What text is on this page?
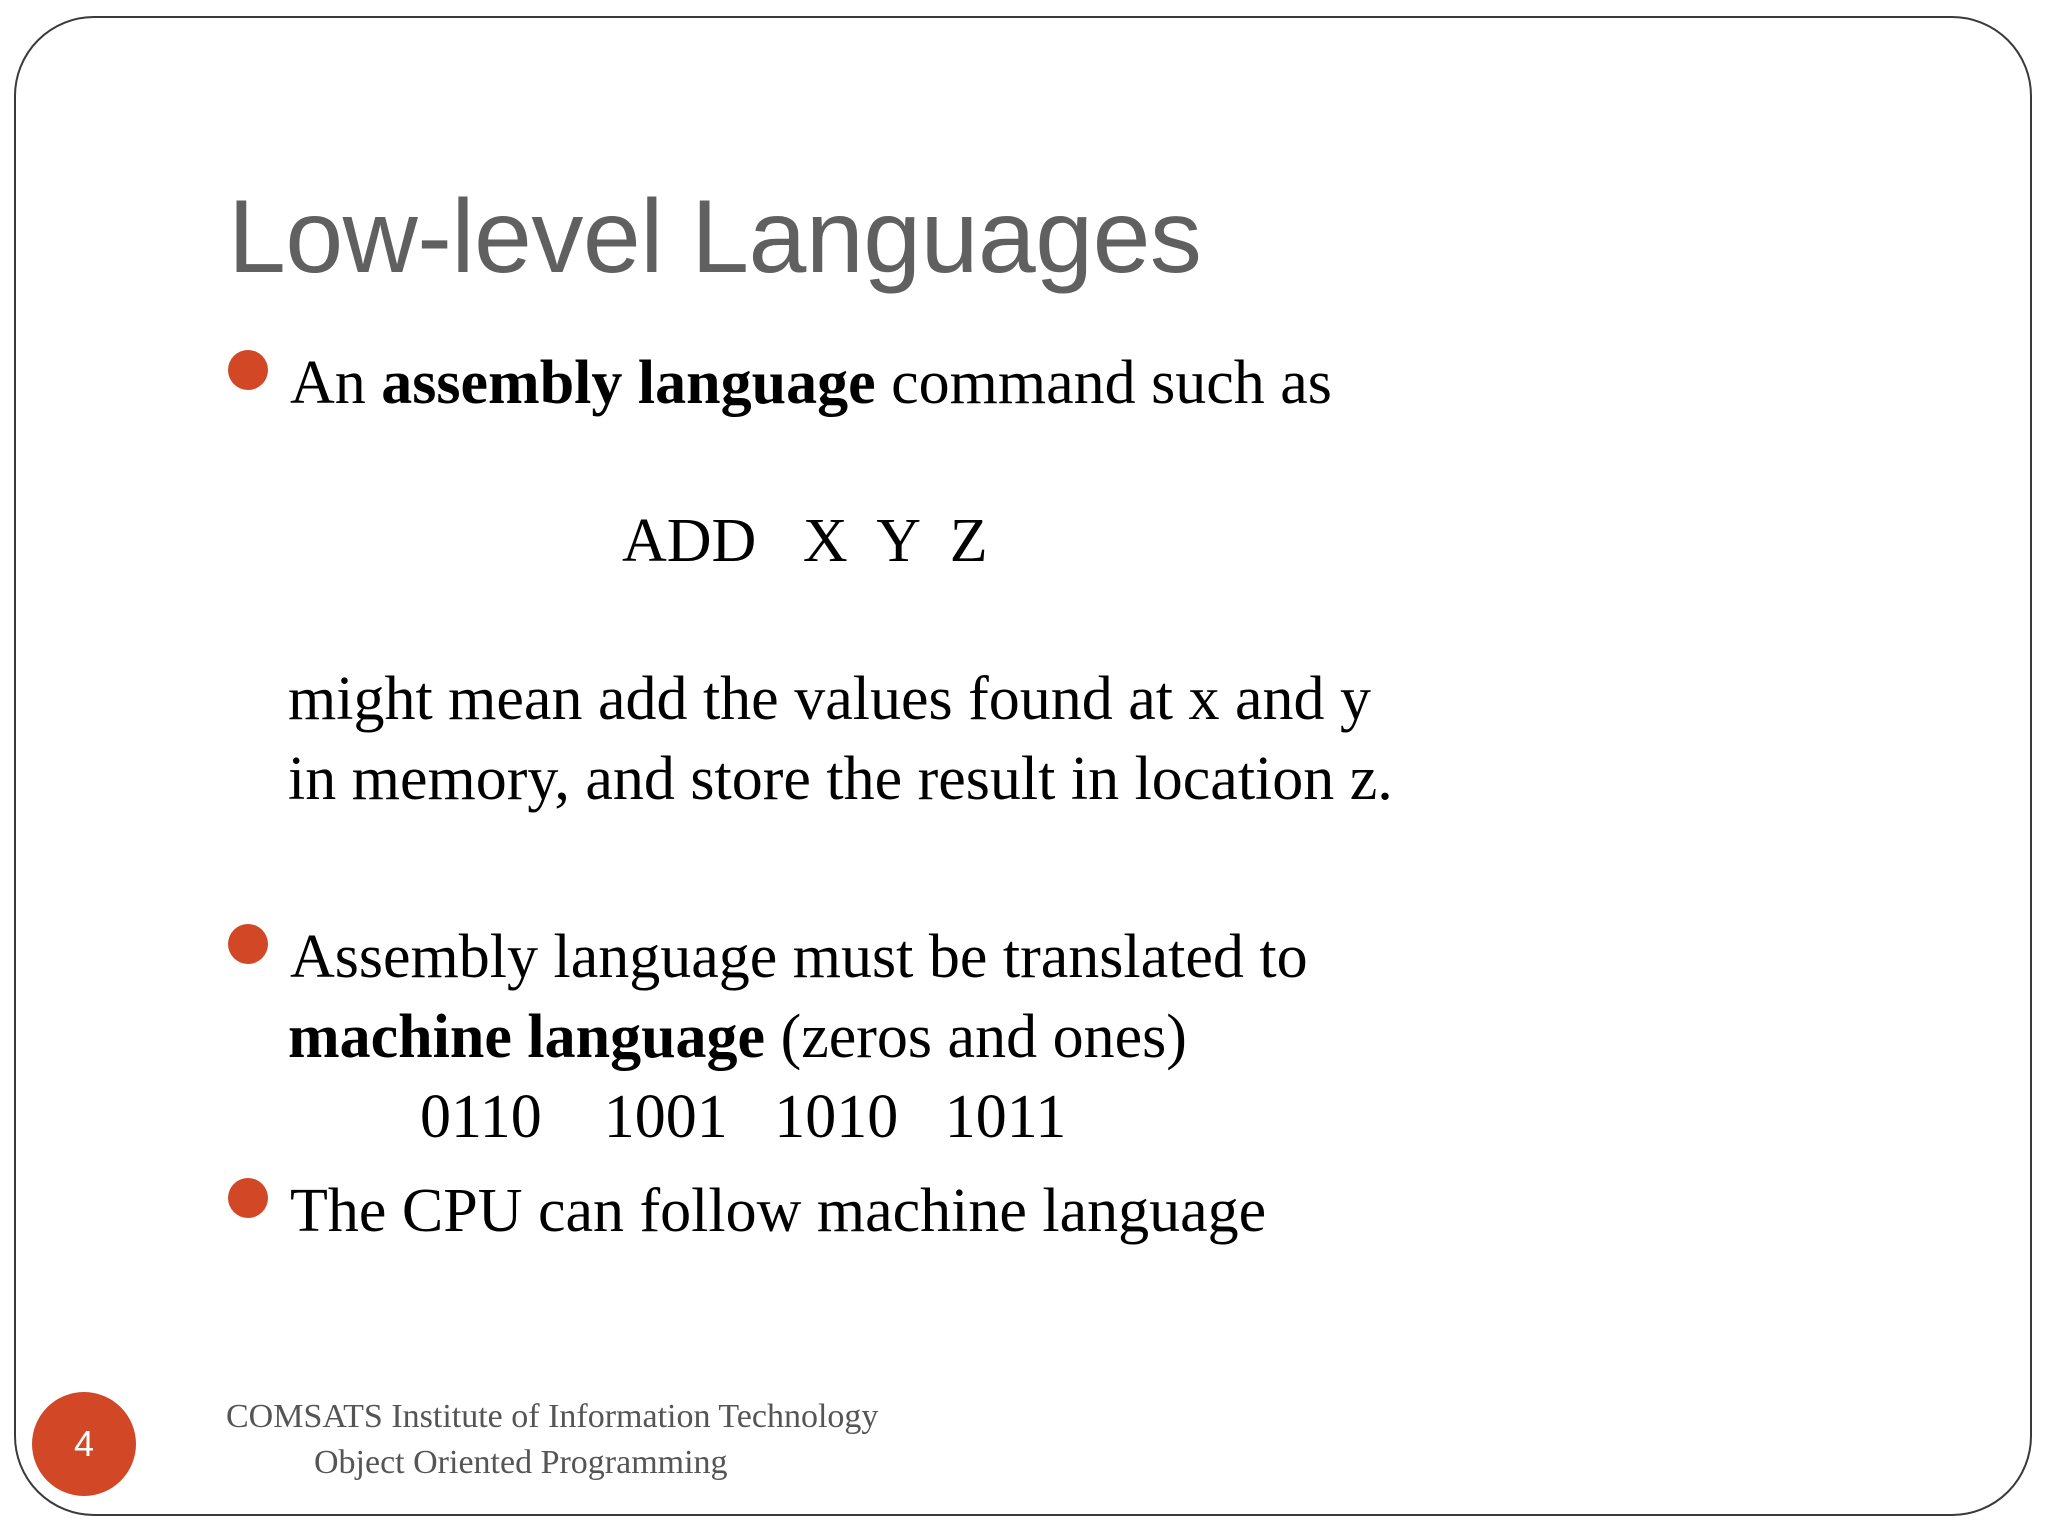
Low-level Languages
An assembly language command such as
ADD   X  Y  Z
might mean add the values found at x and y
in memory, and store the result in location z.
Assembly language must be translated to
machine language (zeros and ones)
0110    1001   1010   1011
The CPU can follow machine language
4
COMSATS Institute of Information Technology
Object Oriented Programming
